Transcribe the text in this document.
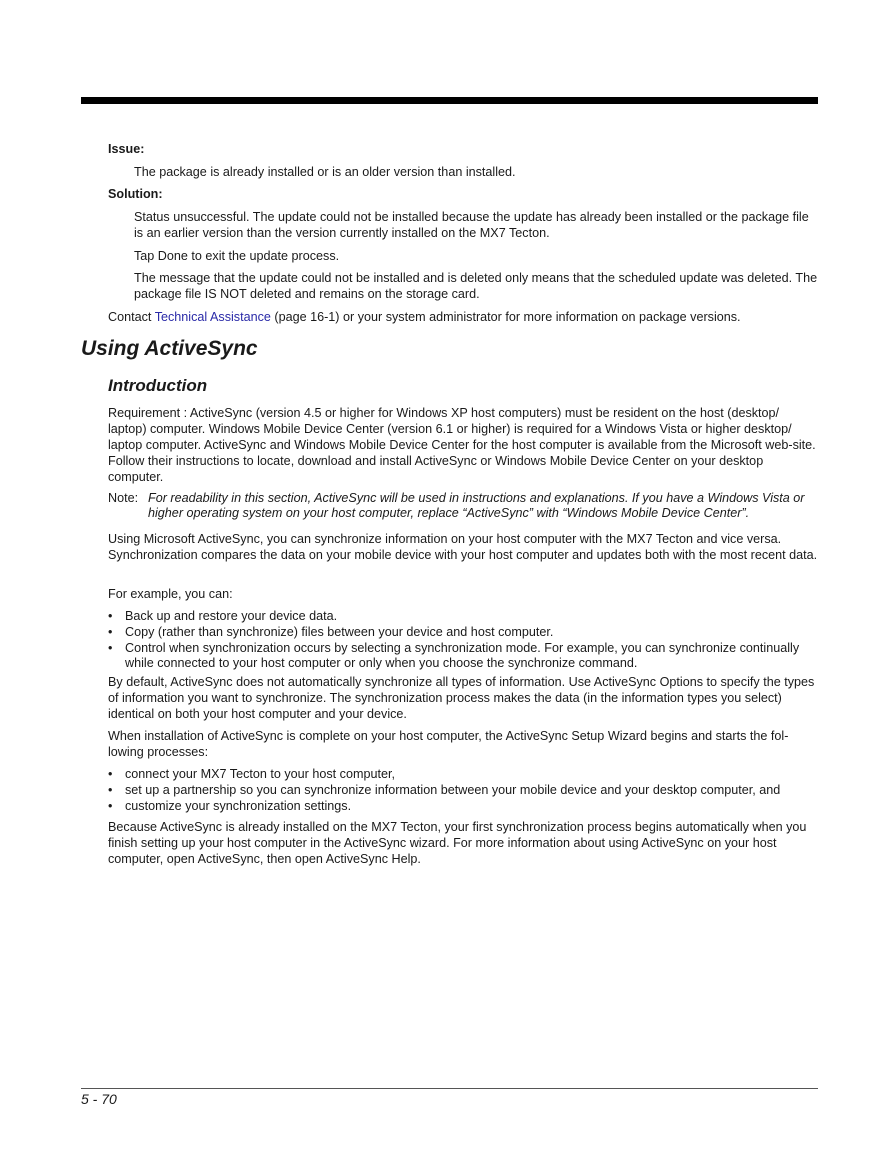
Issue:
The package is already installed or is an older version than installed.
Solution:
Status unsuccessful. The update could not be installed because the update has already been installed or the package file is an earlier version than the version currently installed on the MX7 Tecton.
Tap Done to exit the update process.
The message that the update could not be installed and is deleted only means that the scheduled update was deleted. The package file IS NOT deleted and remains on the storage card.
Contact Technical Assistance (page 16-1) or your system administrator for more information on package versions.
Using ActiveSync
Introduction
Requirement : ActiveSync (version 4.5 or higher for Windows XP host computers) must be resident on the host (desktop/ laptop) computer. Windows Mobile Device Center (version 6.1 or higher) is required for a Windows Vista or higher desktop/ laptop computer. ActiveSync and Windows Mobile Device Center for the host computer is available from the Microsoft web-site. Follow their instructions to locate, download and install ActiveSync or Windows Mobile Device Center on your desktop computer.
Note: For readability in this section, ActiveSync will be used in instructions and explanations. If you have a Windows Vista or higher operating system on your host computer, replace “ActiveSync” with “Windows Mobile Device Center”.
Using Microsoft ActiveSync, you can synchronize information on your host computer with the MX7 Tecton and vice versa. Synchronization compares the data on your mobile device with your host computer and updates both with the most recent data.
For example, you can:
• Back up and restore your device data.
• Copy (rather than synchronize) files between your device and host computer.
• Control when synchronization occurs by selecting a synchronization mode. For example, you can synchronize continually while connected to your host computer or only when you choose the synchronize command.
By default, ActiveSync does not automatically synchronize all types of information. Use ActiveSync Options to specify the types of information you want to synchronize. The synchronization process makes the data (in the information types you select) identical on both your host computer and your device.
When installation of ActiveSync is complete on your host computer, the ActiveSync Setup Wizard begins and starts the fol-lowing processes:
• connect your MX7 Tecton to your host computer,
• set up a partnership so you can synchronize information between your mobile device and your desktop computer, and
• customize your synchronization settings.
Because ActiveSync is already installed on the MX7 Tecton, your first synchronization process begins automatically when you finish setting up your host computer in the ActiveSync wizard. For more information about using ActiveSync on your host computer, open ActiveSync, then open ActiveSync Help.
5 - 70
